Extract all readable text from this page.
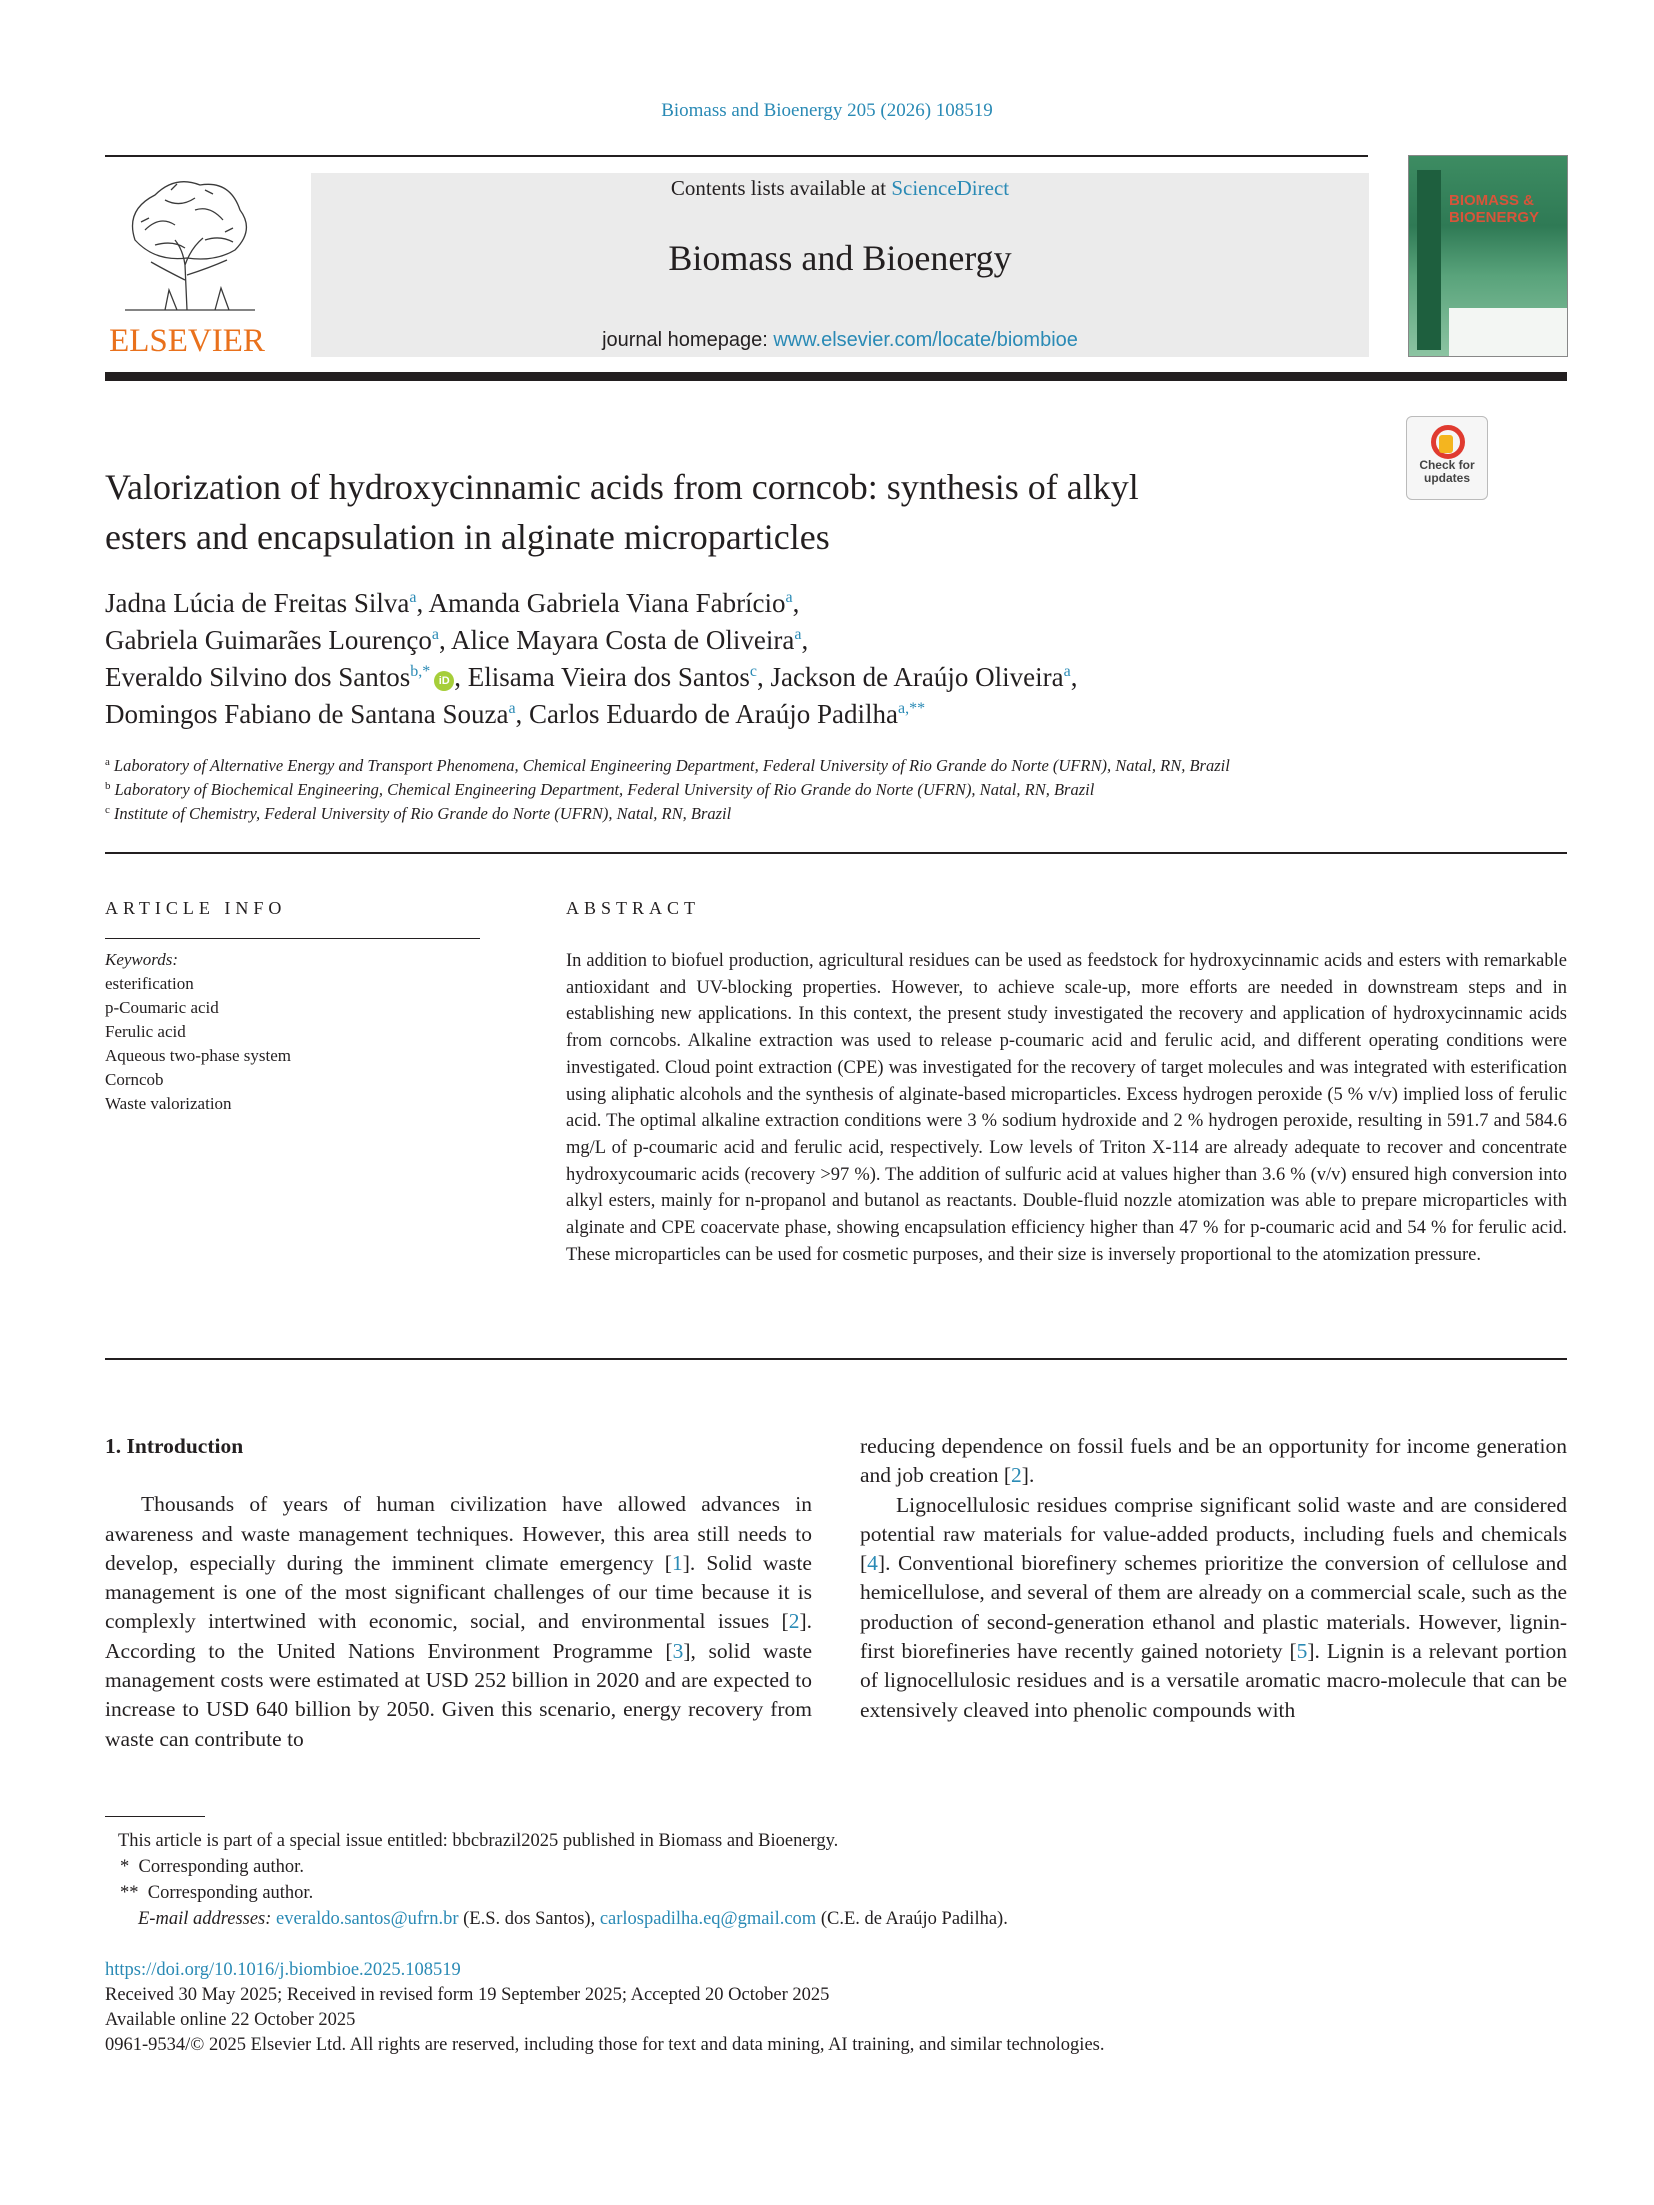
Biomass and Bioenergy 205 (2026) 108519
ELSEVIER
Contents lists available at ScienceDirect
Biomass and Bioenergy
journal homepage: www.elsevier.com/locate/biombioe
BIOMASS &
BIOENERGY
Check for
updates
Valorization of hydroxycinnamic acids from corncob: synthesis of alkyl
esters and encapsulation in alginate microparticles
Jadna Lúcia de Freitas Silva$^a$, Amanda Gabriela Viana Fabrício$^a$,
Gabriela Guimarães Lourenço$^a$, Alice Mayara Costa de Oliveira$^a$,
Everaldo Silvino dos Santos$^{b,*}$iD , Elisama Vieira dos Santos$^c$, Jackson de Araújo Oliveira$^a$,
Domingos Fabiano de Santana Souza$^a$, Carlos Eduardo de Araújo Padilha$^{a,**}$
$^a$ Laboratory of Alternative Energy and Transport Phenomena, Chemical Engineering Department, Federal University of Rio Grande do Norte (UFRN), Natal, RN, Brazil
$^b$ Laboratory of Biochemical Engineering, Chemical Engineering Department, Federal University of Rio Grande do Norte (UFRN), Natal, RN, Brazil
$^c$ Institute of Chemistry, Federal University of Rio Grande do Norte (UFRN), Natal, RN, Brazil
ARTICLE INFO
Keywords:
esterification
p-Coumaric acid
Ferulic acid
Aqueous two-phase system
Corncob
Waste valorization
ABSTRACT
In addition to biofuel production, agricultural residues can be used as feedstock for hydroxycinnamic acids and esters with remarkable antioxidant and UV-blocking properties. However, to achieve scale-up, more efforts are needed in downstream steps and in establishing new applications. In this context, the present study investigated the recovery and application of hydroxycinnamic acids from corncobs. Alkaline extraction was used to release p-coumaric acid and ferulic acid, and different operating conditions were investigated. Cloud point extraction (CPE) was investigated for the recovery of target molecules and was integrated with esterification using aliphatic alcohols and the synthesis of alginate-based microparticles. Excess hydrogen peroxide (5 % v/v) implied loss of ferulic acid. The optimal alkaline extraction conditions were 3 % sodium hydroxide and 2 % hydrogen peroxide, resulting in 591.7 and 584.6 mg/L of p-coumaric acid and ferulic acid, respectively. Low levels of Triton X-114 are already adequate to recover and concentrate hydroxycoumaric acids (recovery >97 %). The addition of sulfuric acid at values higher than 3.6 % (v/v) ensured high conversion into alkyl esters, mainly for n-propanol and butanol as reactants. Double-fluid nozzle atomization was able to prepare microparticles with alginate and CPE coacervate phase, showing encapsulation efficiency higher than 47 % for p-coumaric acid and 54 % for ferulic acid. These microparticles can be used for cosmetic purposes, and their size is inversely proportional to the atomization pressure.
1. Introduction

Thousands of years of human civilization have allowed advances in awareness and waste management techniques. However, this area still needs to develop, especially during the imminent climate emergency [1]. Solid waste management is one of the most significant challenges of our time because it is complexly intertwined with economic, social, and environmental issues [2]. According to the United Nations Environment Programme [3], solid waste management costs were estimated at USD 252 billion in 2020 and are expected to increase to USD 640 billion by 2050. Given this scenario, energy recovery from waste can contribute to

reducing dependence on fossil fuels and be an opportunity for income generation and job creation [2].

Lignocellulosic residues comprise significant solid waste and are considered potential raw materials for value-added products, including fuels and chemicals [4]. Conventional biorefinery schemes prioritize the conversion of cellulose and hemicellulose, and several of them are already on a commercial scale, such as the production of second-generation ethanol and plastic materials. However, lignin-first biorefineries have recently gained notoriety [5]. Lignin is a relevant portion of lignocellulosic residues and is a versatile aromatic macro-molecule that can be extensively cleaved into phenolic compounds with

This article is part of a special issue entitled: bbcbrazil2025 published in Biomass and Bioenergy.
* Corresponding author.
** Corresponding author.
E-mail addresses: everaldo.santos@ufrn.br (E.S. dos Santos), carlospadilha.eq@gmail.com (C.E. de Araújo Padilha).
https://doi.org/10.1016/j.biombioe.2025.108519
Received 30 May 2025; Received in revised form 19 September 2025; Accepted 20 October 2025
Available online 22 October 2025
0961-9534/© 2025 Elsevier Ltd. All rights are reserved, including those for text and data mining, AI training, and similar technologies.
